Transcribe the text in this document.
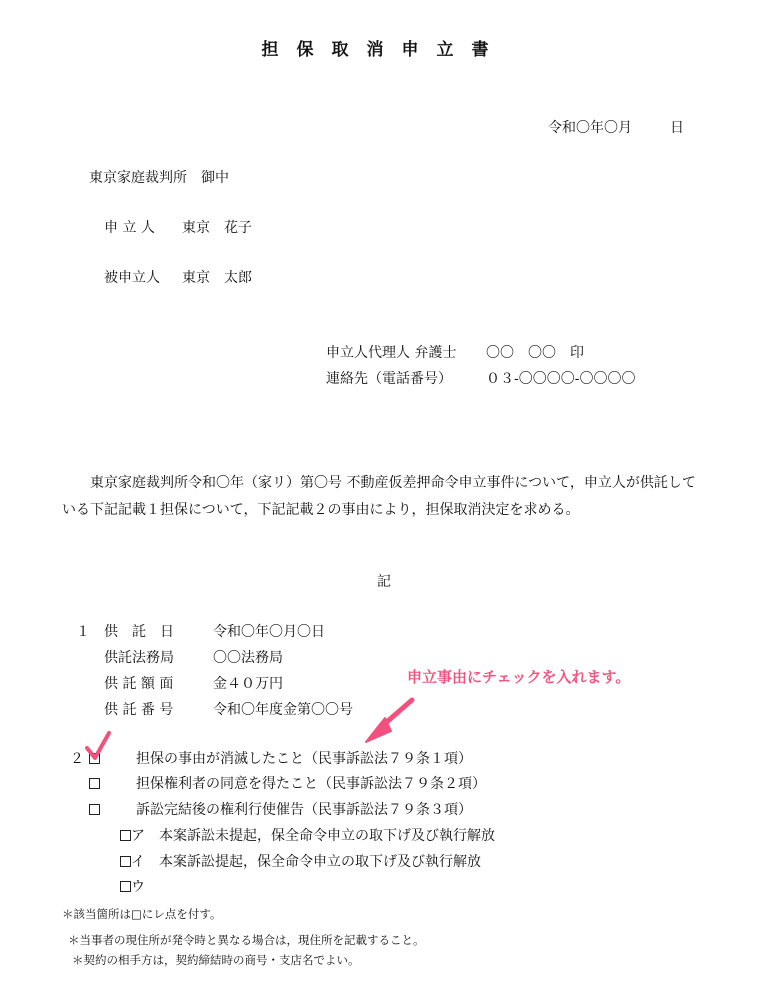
担保取消申立書
令和〇年〇月	日
東京家庭裁判所　御中
申 立 人 東京　花子
被申立人 東京　太郎
申立人代理人 弁護士 〇〇　〇〇　印
連絡先（電話番号） ０３‐〇〇〇〇‐〇〇〇〇
東京家庭裁判所令和〇年（家リ）第〇号 不動産仮差押命令申立事件について，申立人が供託している下記記載１担保について，下記記載２の事由により，担保取消決定を求める。
記
１ 供　託　日	令和〇年〇月〇日
供託法務局	〇〇法務局
供 託 額 面	金４０万円
供 託 番 号	令和〇年度金第〇〇号
申立事由にチェックを入れます。
２	担保の事由が消滅したこと（民事訴訟法７９条１項）
担保権利者の同意を得たこと（民事訴訟法７９条２項）
訴訟完結後の権利行使催告（民事訴訟法７９条３項）
ア 本案訴訟未提起，保全命令申立の取下げ及び執行解放
イ 本案訴訟提起，保全命令申立の取下げ及び執行解放
ウ
＊該当箇所は□にレ点を付す。
＊当事者の現住所が発令時と異なる場合は，現住所を記載すること。
＊契約の相手方は，契約締結時の商号・支店名でよい。
